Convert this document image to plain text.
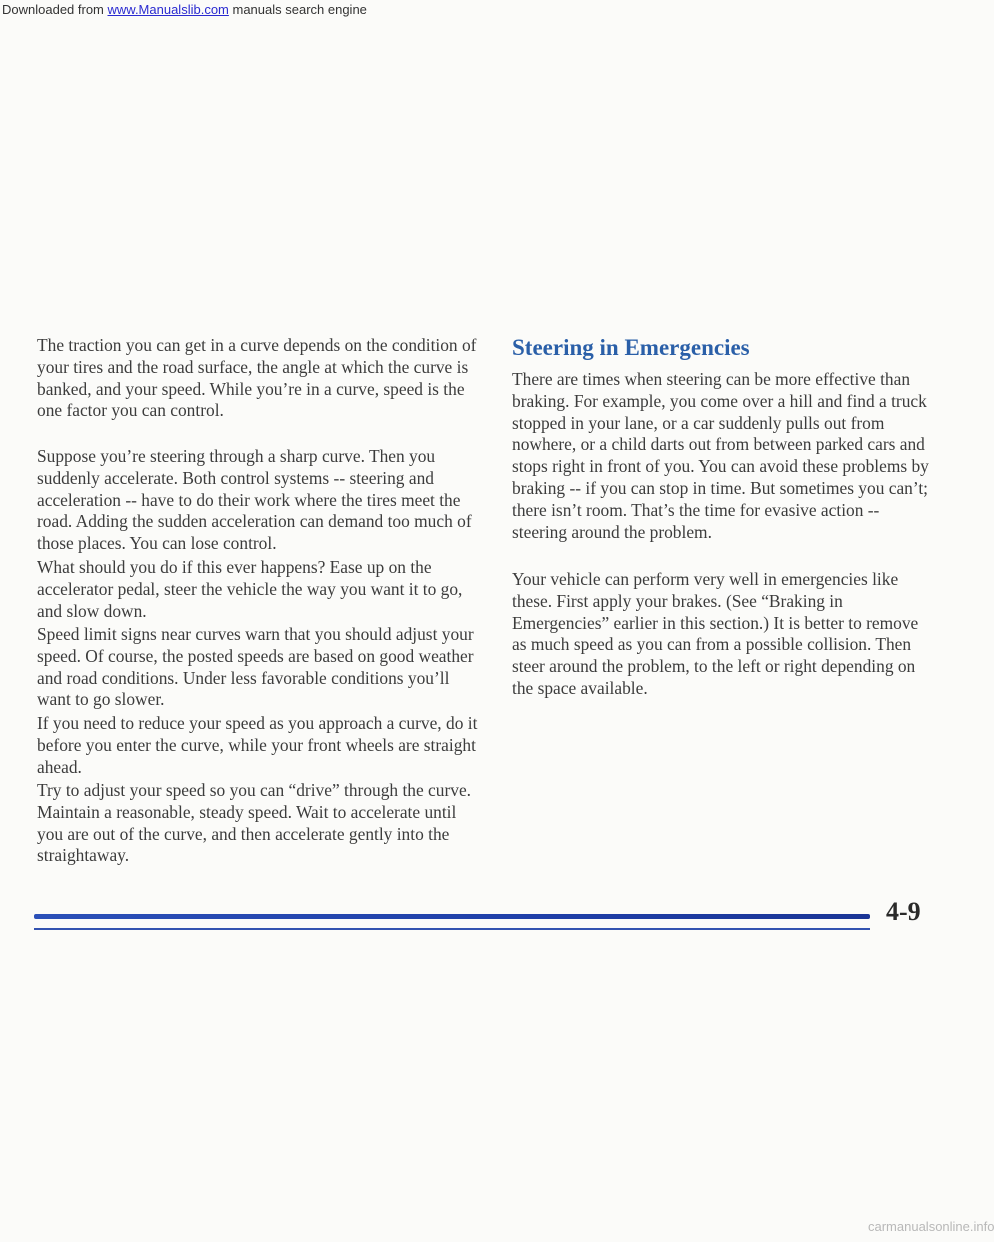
Downloaded from www.Manualslib.com manuals search engine

The traction you can get in a curve depends on the condition of your tires and the road surface, the angle at which the curve is banked, and your speed. While you’re in a curve, speed is the one factor you can control.

Suppose you’re steering through a sharp curve. Then you suddenly accelerate. Both control systems -- steering and acceleration -- have to do their work where the tires meet the road. Adding the sudden acceleration can demand too much of those places. You can lose control.

What should you do if this ever happens? Ease up on the accelerator pedal, steer the vehicle the way you want it to go, and slow down.

Speed limit signs near curves warn that you should adjust your speed. Of course, the posted speeds are based on good weather and road conditions. Under less favorable conditions you’ll want to go slower.

If you need to reduce your speed as you approach a curve, do it before you enter the curve, while your front wheels are straight ahead.

Try to adjust your speed so you can “drive” through the curve. Maintain a reasonable, steady speed. Wait to accelerate until you are out of the curve, and then accelerate gently into the straightaway.

Steering in Emergencies

There are times when steering can be more effective than braking. For example, you come over a hill and find a truck stopped in your lane, or a car suddenly pulls out from nowhere, or a child darts out from between parked cars and stops right in front of you. You can avoid these problems by braking -- if you can stop in time. But sometimes you can’t; there isn’t room. That’s the time for evasive action -- steering around the problem.

Your vehicle can perform very well in emergencies like these. First apply your brakes. (See “Braking in Emergencies” earlier in this section.) It is better to remove as much speed as you can from a possible collision. Then steer around the problem, to the left or right depending on the space available.

4-9
carmanualsonline.info
